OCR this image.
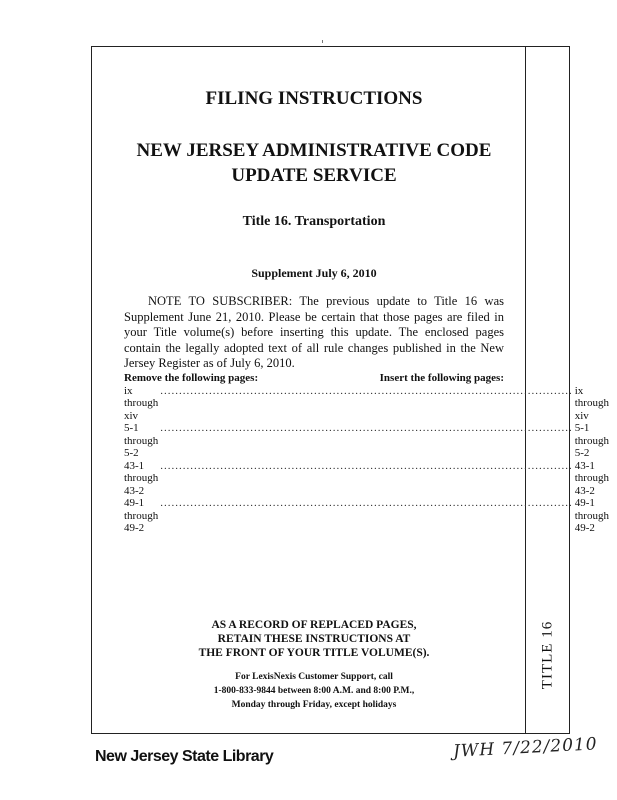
FILING INSTRUCTIONS
NEW JERSEY ADMINISTRATIVE CODE
UPDATE SERVICE
Title 16. Transportation
Supplement July 6, 2010
NOTE TO SUBSCRIBER: The previous update to Title 16 was Supplement June 21, 2010. Please be certain that those pages are filed in your Title volume(s) before inserting this update. The enclosed pages contain the legally adopted text of all rule changes published in the New Jersey Register as of July 6, 2010.
Remove the following pages:	Insert the following pages:
ix through xiv
.............................................................................................................. ix through xiv
5-1 through 5-2
.............................................................................................................. 5-1 through 5-2
43-1 through 43-2
.............................................................................................................. 43-1 through 43-2
49-1 through 49-2
.............................................................................................................. 49-1 through 49-2
AS A RECORD OF REPLACED PAGES,
RETAIN THESE INSTRUCTIONS AT
THE FRONT OF YOUR TITLE VOLUME(S).
For LexisNexis Customer Support, call
1-800-833-9844 between 8:00 A.M. and 8:00 P.M.,
Monday through Friday, except holidays
TITLE 16
New Jersey State Library	JWH 7/22/2010
